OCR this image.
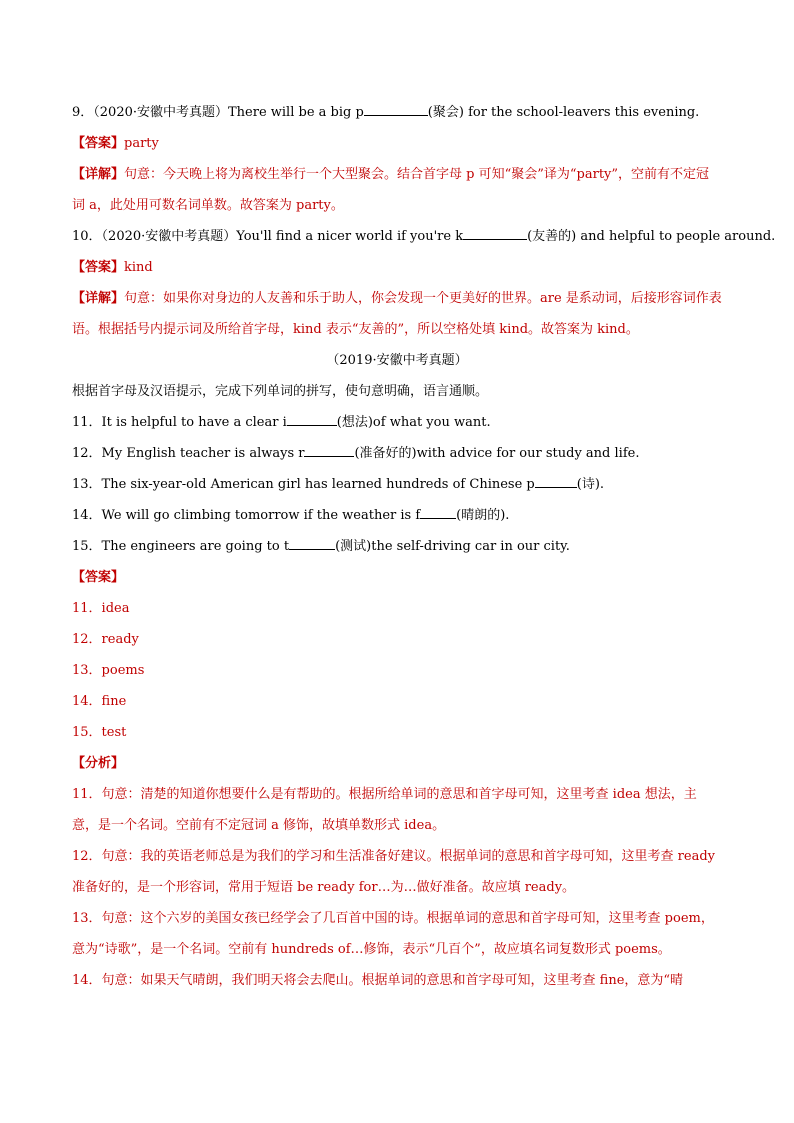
9．（2020·安徽中考真题）There will be a big p	(聚会) for the school-leavers this evening.
【答案】party
【详解】句意：今天晚上将为离校生举行一个大型聚会。结合首字母 p 可知“聚会”译为“party”，空前有不定冠词 a，此处用可数名词单数。故答案为 party。
10．（2020·安徽中考真题）You'll find a nicer world if you're k	(友善的) and helpful to people around.
【答案】kind
【详解】句意：如果你对身边的人友善和乐于助人，你会发现一个更美好的世界。are 是系动词，后接形容词作表语。根据括号内提示词及所给首字母，kind 表示“友善的”，所以空格处填 kind。故答案为 kind。
（2019·安徽中考真题）
根据首字母及汉语提示，完成下列单词的拼写，使句意明确，语言通顺。
11．It is helpful to have a clear i	(想法)of what you want.
12．My English teacher is always r	(准备好的)with advice for our study and life.
13．The six-year-old American girl has learned hundreds of Chinese p	(诗).
14．We will go climbing tomorrow if the weather is f	(晴朗的).
15．The engineers are going to t	(测试)the self-driving car in our city.
【答案】
11．idea
12．ready
13．poems
14．fine
15．test
【分析】
11．句意：清楚的知道你想要什么是有帮助的。根据所给单词的意思和首字母可知，这里考查 idea 想法，主意，是一个名词。空前有不定冠词 a 修饰，故填单数形式 idea。
12．句意：我的英语老师总是为我们的学习和生活准备好建议。根据单词的意思和首字母可知，这里考查 ready 准备好的，是一个形容词，常用于短语 be ready for…为…做好准备。故应填 ready。
13．句意：这个六岁的美国女孩已经学会了几百首中国的诗。根据单词的意思和首字母可知，这里考查 poem，意为“诗歌”，是一个名词。空前有 hundreds of…修饰，表示“几百个”，故应填名词复数形式 poems。
14．句意：如果天气晴朗，我们明天将会去爬山。根据单词的意思和首字母可知，这里考查 fine，意为“晴
